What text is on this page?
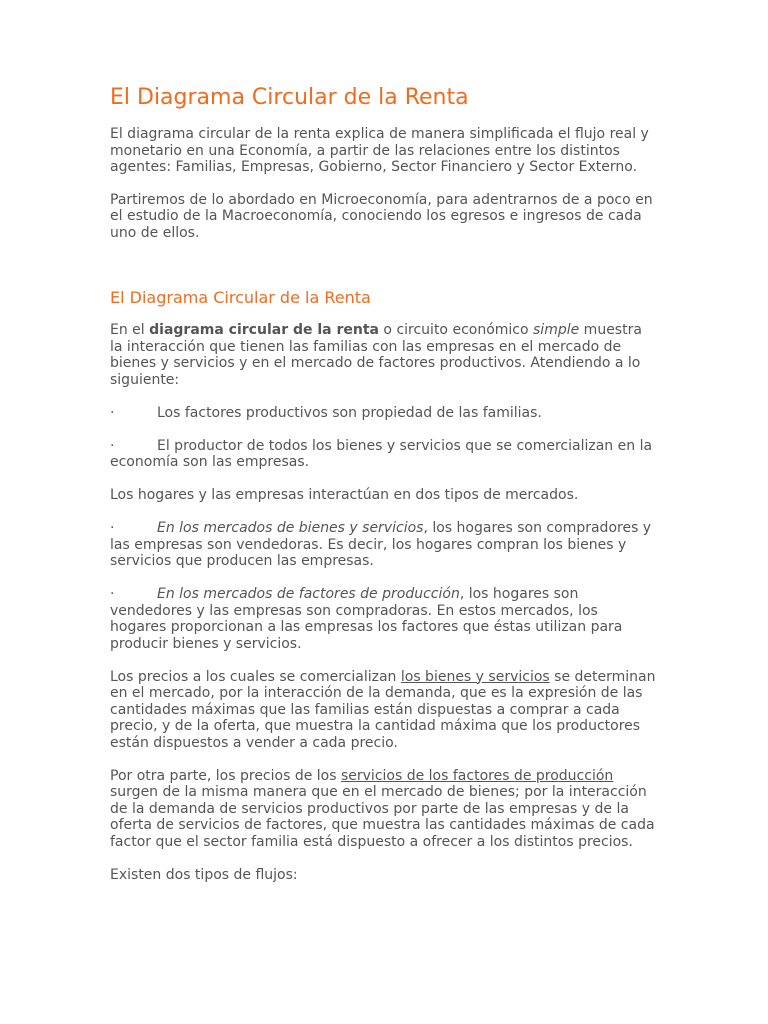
El Diagrama Circular de la Renta

El diagrama circular de la renta explica de manera simplificada el flujo real y monetario en una Economía, a partir de las relaciones entre los distintos agentes: Familias, Empresas, Gobierno, Sector Financiero y Sector Externo.

Partiremos de lo abordado en Microeconomía, para adentrarnos de a poco en el estudio de la Macroeconomía, conociendo los egresos e ingresos de cada uno de ellos.

El Diagrama Circular de la Renta

En el diagrama circular de la renta o circuito económico simple muestra la interacción que tienen las familias con las empresas en el mercado de bienes y servicios y en el mercado de factores productivos. Atendiendo a lo siguiente:

·	Los factores productivos son propiedad de las familias.

·	El productor de todos los bienes y servicios que se comercializan en la economía son las empresas.

Los hogares y las empresas interactúan en dos tipos de mercados.

·	En los mercados de bienes y servicios, los hogares son compradores y las empresas son vendedoras. Es decir, los hogares compran los bienes y servicios que producen las empresas.

·	En los mercados de factores de producción, los hogares son vendedores y las empresas son compradoras. En estos mercados, los hogares proporcionan a las empresas los factores que éstas utilizan para producir bienes y servicios.

Los precios a los cuales se comercializan los bienes y servicios se determinan en el mercado, por la interacción de la demanda, que es la expresión de las cantidades máximas que las familias están dispuestas a comprar a cada precio, y de la oferta, que muestra la cantidad máxima que los productores están dispuestos a vender a cada precio.

Por otra parte, los precios de los servicios de los factores de producción surgen de la misma manera que en el mercado de bienes; por la interacción de la demanda de servicios productivos por parte de las empresas y de la oferta de servicios de factores, que muestra las cantidades máximas de cada factor que el sector familia está dispuesto a ofrecer a los distintos precios.

Existen dos tipos de flujos:
